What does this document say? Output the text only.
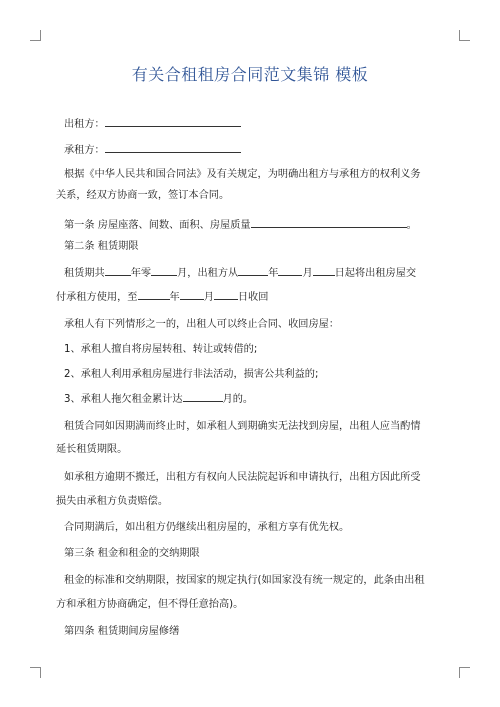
有关合租租房合同范文集锦 模板
出租方：
承租方：
根据《中华人民共和国合同法》及有关规定，为明确出租方与承租方的权利义务
关系，经双方协商一致，签订本合同。
第一条 房屋座落、间数、面积、房屋质量	。
第二条 租赁期限
租赁期共	年零	月，出租方从	年 月 日起将出租房屋交
付承租方使用，至	年 月 日收回
承租人有下列情形之一的，出租人可以终止合同、收回房屋：
1、承租人擅自将房屋转租、转让或转借的;
2、承租人利用承租房屋进行非法活动，损害公共利益的;
3、承租人拖欠租金累计达	月的。
租赁合同如因期满而终止时，如承租人到期确实无法找到房屋，出租人应当酌情
延长租赁期限。
如承租方逾期不搬迁，出租方有权向人民法院起诉和申请执行，出租方因此所受
损失由承租方负责赔偿。
合同期满后，如出租方仍继续出租房屋的，承租方享有优先权。
第三条 租金和租金的交纳期限
租金的标准和交纳期限，按国家的规定执行(如国家没有统一规定的，此条由出租
方和承租方协商确定，但不得任意抬高)。
第四条 租赁期间房屋修缮
